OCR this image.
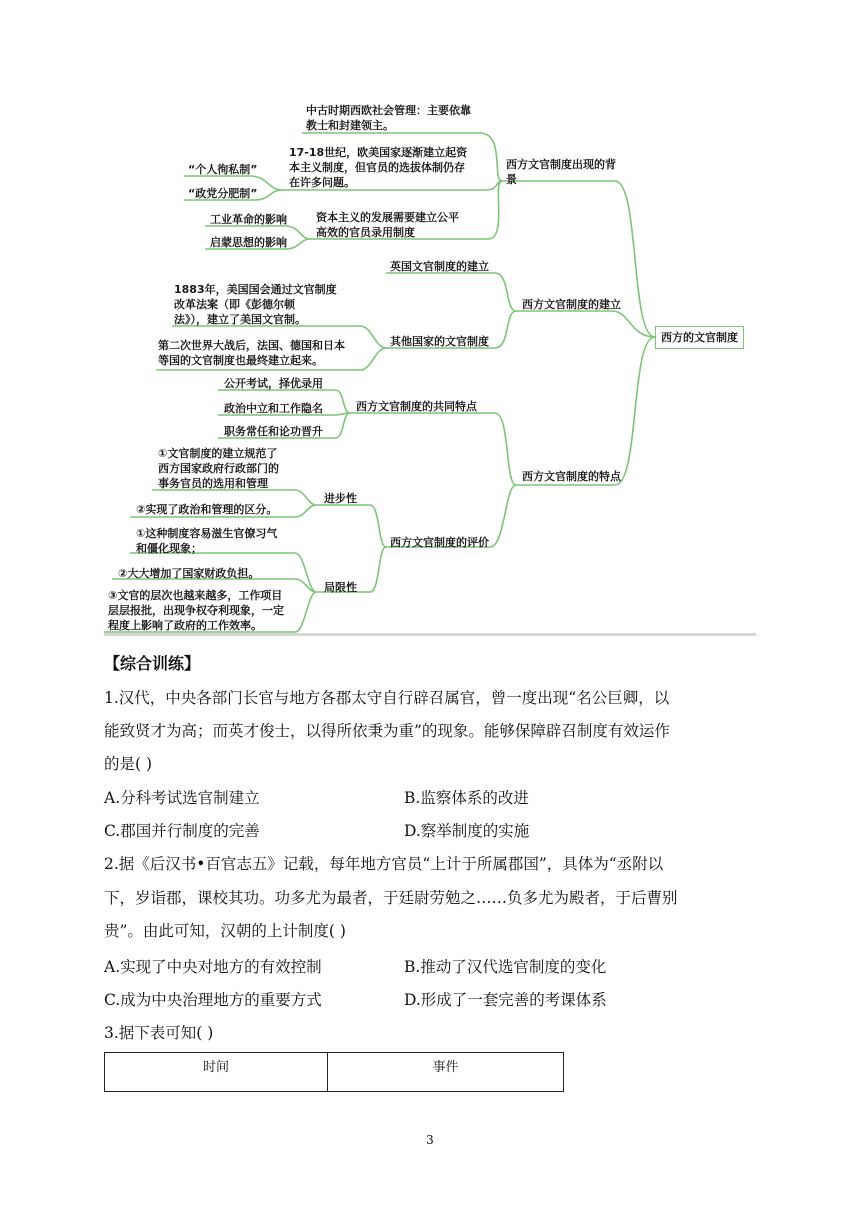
西方的文官制度
西方文官制度出现的背
景
中古时期西欧社会管理：主要依靠
教士和封建领主。
17-18世纪，欧美国家逐渐建立起资
本主义制度，但官员的选拔体制仍存
在许多问题。
“个人徇私制”
“政党分肥制”
资本主义的发展需要建立公平
高效的官员录用制度
工业革命的影响
启蒙思想的影响
西方文官制度的建立
英国文官制度的建立
其他国家的文官制度
1883年，美国国会通过文官制度
改革法案（即《彭德尔顿
法》），建立了美国文官制。
第二次世界大战后，法国、德国和日本
等国的文官制度也最终建立起来。
西方文官制度的特点
西方文官制度的共同特点
公开考试，择优录用
政治中立和工作隐名
职务常任和论功晋升
西方文官制度的评价
进步性
局限性
①文官制度的建立规范了
西方国家政府行政部门的
事务官员的选用和管理
②实现了政治和管理的区分。
①这种制度容易滋生官僚习气
和僵化现象；
②大大增加了国家财政负担。
③文官的层次也越来越多，工作项目
层层报批，出现争权夺利现象，一定
程度上影响了政府的工作效率。
【综合训练】
1.汉代，中央各部门长官与地方各郡太守自行辟召属官，曾一度出现“名公巨卿，以
能致贤才为高；而英才俊士，以得所依秉为重”的现象。能够保障辟召制度有效运作
的是( )
A.分科考试选官制建立	B.监察体系的改进
C.郡国并行制度的完善	D.察举制度的实施
2.据《后汉书•百官志五》记载，每年地方官员“上计于所属郡国”，具体为“丞附以
下，岁诣郡，课校其功。功多尤为最者，于廷尉劳勉之……负多尤为殿者，于后曹别
贵”。由此可知，汉朝的上计制度( )
A.实现了中央对地方的有效控制	B.推动了汉代选官制度的变化
C.成为中央治理地方的重要方式	D.形成了一套完善的考课体系
3.据下表可知( )
时间	事件
3
